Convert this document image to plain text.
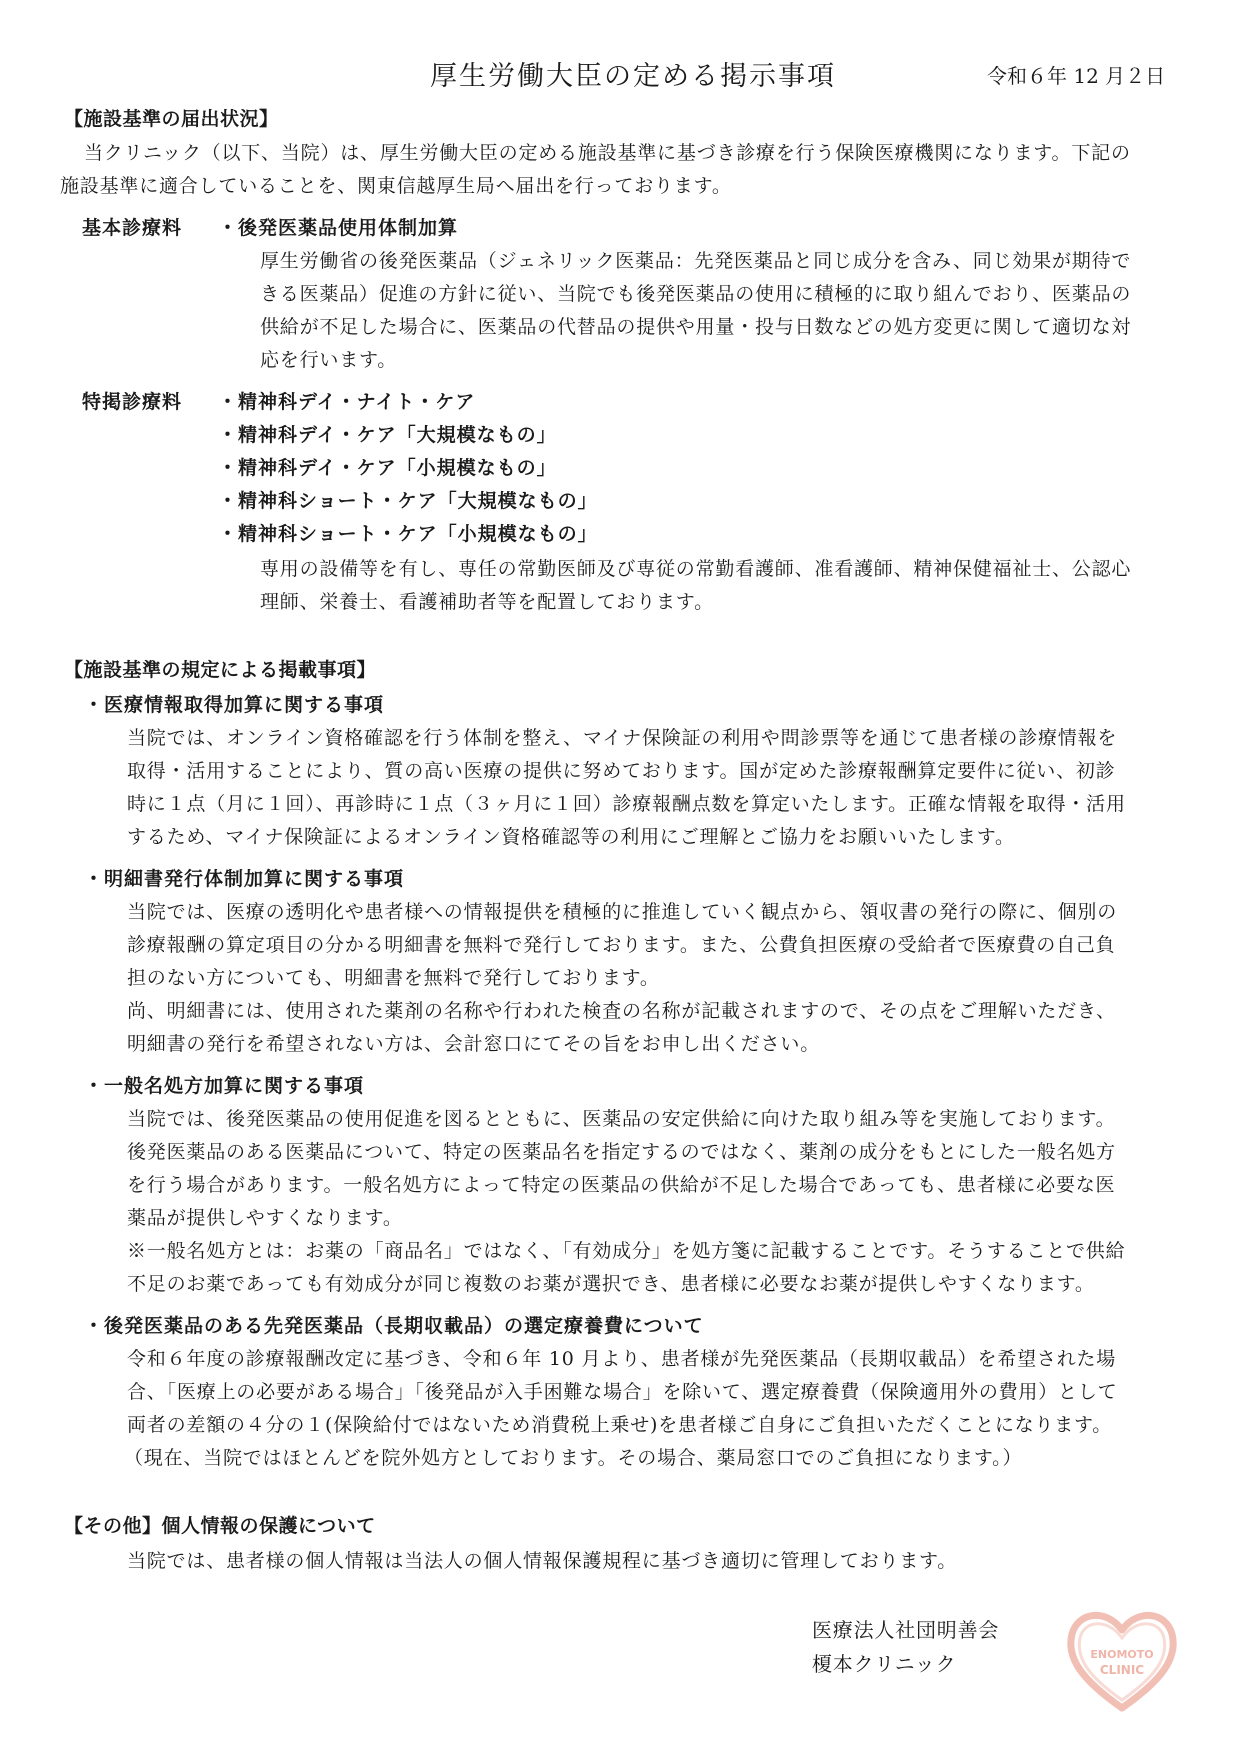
厚生労働大臣の定める掲示事項	令和６年 12 月２日
【施設基準の届出状況】
当クリニック（以下、当院）は、厚生労働大臣の定める施設基準に基づき診療を行う保険医療機関になります。下記の
施設基準に適合していることを、関東信越厚生局へ届出を行っております。
基本診療料 ・後発医薬品使用体制加算
厚生労働省の後発医薬品（ジェネリック医薬品：先発医薬品と同じ成分を含み、同じ効果が期待で
きる医薬品）促進の方針に従い、当院でも後発医薬品の使用に積極的に取り組んでおり、医薬品の
供給が不足した場合に、医薬品の代替品の提供や用量・投与日数などの処方変更に関して適切な対
応を行います。
特掲診療料 ・精神科デイ・ナイト・ケア
・精神科デイ・ケア「大規模なもの」
・精神科デイ・ケア「小規模なもの」
・精神科ショート・ケア「大規模なもの」
・精神科ショート・ケア「小規模なもの」
専用の設備等を有し、専任の常勤医師及び専従の常勤看護師、准看護師、精神保健福祉士、公認心
理師、栄養士、看護補助者等を配置しております。
【施設基準の規定による掲載事項】
・医療情報取得加算に関する事項
当院では、オンライン資格確認を行う体制を整え、マイナ保険証の利用や問診票等を通じて患者様の診療情報を
取得・活用することにより、質の高い医療の提供に努めております。国が定めた診療報酬算定要件に従い、初診
時に１点（月に１回）、再診時に１点（３ヶ月に１回）診療報酬点数を算定いたします。正確な情報を取得・活用
するため、マイナ保険証によるオンライン資格確認等の利用にご理解とご協力をお願いいたします。
・明細書発行体制加算に関する事項
当院では、医療の透明化や患者様への情報提供を積極的に推進していく観点から、領収書の発行の際に、個別の
診療報酬の算定項目の分かる明細書を無料で発行しております。また、公費負担医療の受給者で医療費の自己負
担のない方についても、明細書を無料で発行しております。
尚、明細書には、使用された薬剤の名称や行われた検査の名称が記載されますので、その点をご理解いただき、
明細書の発行を希望されない方は、会計窓口にてその旨をお申し出ください。
・一般名処方加算に関する事項
当院では、後発医薬品の使用促進を図るとともに、医薬品の安定供給に向けた取り組み等を実施しております。
後発医薬品のある医薬品について、特定の医薬品名を指定するのではなく、薬剤の成分をもとにした一般名処方
を行う場合があります。一般名処方によって特定の医薬品の供給が不足した場合であっても、患者様に必要な医
薬品が提供しやすくなります。
※一般名処方とは：お薬の「商品名」ではなく、「有効成分」を処方箋に記載することです。そうすることで供給
不足のお薬であっても有効成分が同じ複数のお薬が選択でき、患者様に必要なお薬が提供しやすくなります。
・後発医薬品のある先発医薬品（長期収載品）の選定療養費について
令和６年度の診療報酬改定に基づき、令和６年 10 月より、患者様が先発医薬品（長期収載品）を希望された場
合、「医療上の必要がある場合」「後発品が入手困難な場合」を除いて、選定療養費（保険適用外の費用）として
両者の差額の４分の１(保険給付ではないため消費税上乗せ)を患者様ご自身にご負担いただくことになります。
（現在、当院ではほとんどを院外処方としております。その場合、薬局窓口でのご負担になります。）
【その他】個人情報の保護について
当院では、患者様の個人情報は当法人の個人情報保護規程に基づき適切に管理しております。
医療法人社団明善会
榎本クリニック	ENOMOTO
CLINIC
